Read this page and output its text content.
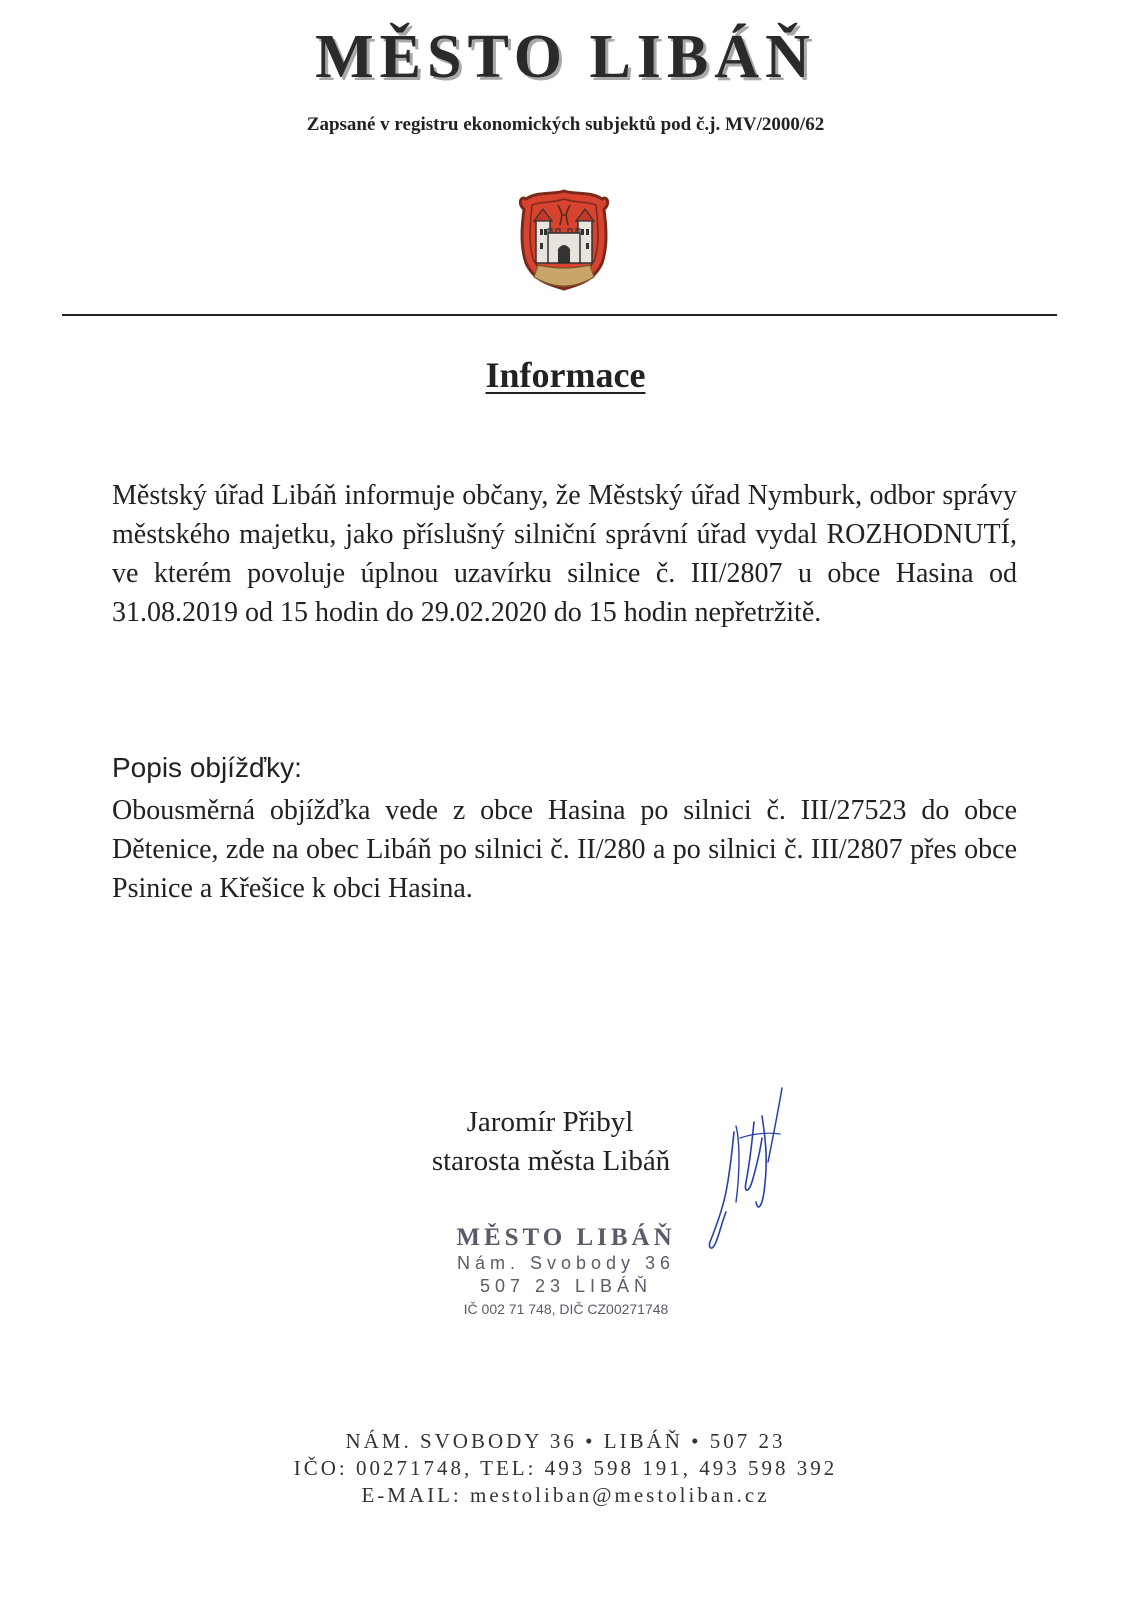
MĚSTO LIBÁŇ
Zapsané v registru ekonomických subjektů pod č.j. MV/2000/62
Informace
Městský úřad Libáň informuje občany, že Městský úřad Nymburk, odbor správy městského majetku, jako příslušný silniční správní úřad vydal ROZHODNUTÍ, ve kterém povoluje úplnou uzavírku silnice č. III/2807 u obce Hasina od 31.08.2019 od 15 hodin do 29.02.2020 do 15 hodin nepřetržitě.
Popis objížďky:
Obousměrná objížďka vede z obce Hasina po silnici č. III/27523 do obce Dětenice, zde na obec Libáň po silnici č. II/280 a po silnici č. III/2807 přes obce Psinice a Křešice k obci Hasina.
Jaromír Přibyl
starosta města Libáň
MĚSTO LIBÁŇ
Nám. Svobody 36
507 23 LIBÁŇ
IČ 002 71 748, DIČ CZ00271748
NÁM. SVOBODY 36 • LIBÁŇ • 507 23
IČO: 00271748, TEL: 493 598 191, 493 598 392
E-MAIL: mestoliban@mestoliban.cz
